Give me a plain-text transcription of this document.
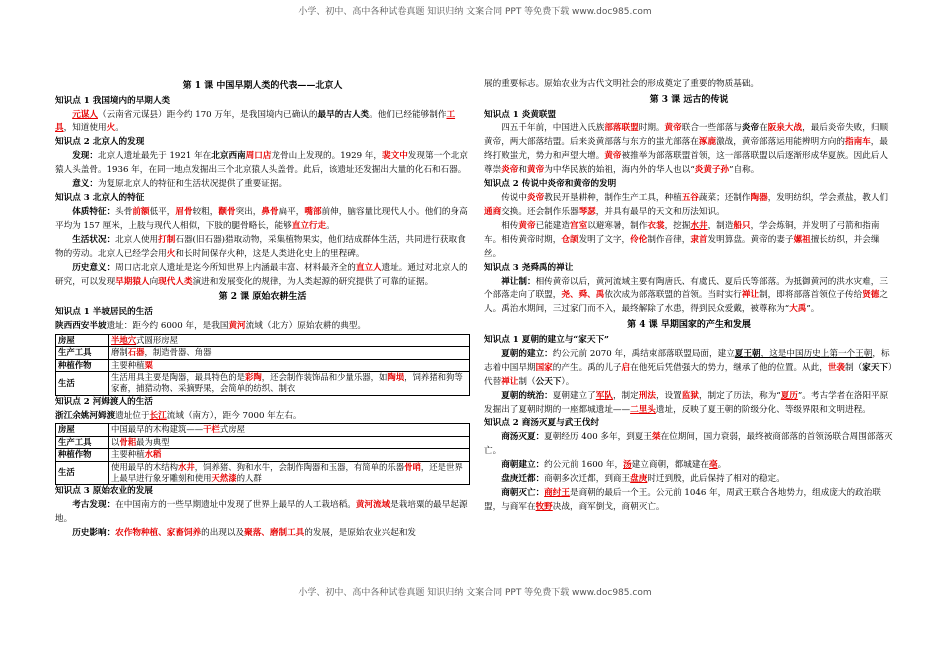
小学、初中、高中各种试卷真题 知识归纳 文案合同 PPT 等免费下载 www.doc985.com

第 1 课 中国早期人类的代表——北京人

知识点 1 我国境内的早期人类

元谋人（云南省元谋县）距今约 170 万年，是我国境内已确认的最早的古人类。他们已经能够制作工具，知道使用火。

知识点 2 北京人的发现

发现：北京人遗址最先于 1921 年在北京西南周口店龙骨山上发现的。1929 年，裴文中发现第一个北京猿人头盖骨。1936 年，在同一地点发掘出三个北京猿人头盖骨。此后，该遗址还发掘出大量的化石和石器。

意义：为复原北京人的特征和生活状况提供了重要证据。

知识点 3 北京人的特征

体质特征：头骨前额低平，眉骨较粗，颧骨突出，鼻骨扁平，嘴部前伸，脑容量比现代人小。他们的身高平均为 157 厘米，上肢与现代人相似，下肢的腿骨略长，能够直立行走。

生活状况：北京人使用打制石器(旧石器)猎取动物，采集植物果实，他们结成群体生活，共同进行获取食物的劳动。北京人已经学会用火和长时间保存火种，这是人类进化史上的里程碑。

历史意义：周口店北京人遗址是迄今所知世界上内涵最丰富、材料最齐全的直立人遗址。通过对北京人的研究，可以发现早期猿人向现代人类演进和发展变化的规律，为人类起源的研究提供了可靠的证据。

第 2 课 原始农耕生活

知识点 1 半坡居民的生活

陕西西安半坡遗址：距今约 6000 年，是我国黄河流域（北方）原始农耕的典型。

房屋	半地穴式圆形房屋
生产工具	磨制石器，制造骨器、角器
种植作物	主要种植粟
生活	生活用具主要是陶器，最具特色的是彩陶，还会制作装饰品和少量乐器，如陶埙，饲养猪和狗等家畜，捕猎动物、采摘野果，会简单的纺织、制衣

知识点 2 河姆渡人的生活

浙江余姚河姆渡遗址位于长江流域（南方），距今 7000 年左右。

房屋	中国最早的木构建筑——干栏式房屋
生产工具	以骨耜最为典型
种植作物	主要种植水稻
生活	使用最早的木结构水井，饲养猪、狗和水牛，会制作陶器和玉器，有简单的乐器骨哨，还是世界上最早进行象牙雕刻和使用天然漆的人群

知识点 3 原始农业的发展

考古发现：在中国南方的一些早期遗址中发现了世界上最早的人工栽培稻。黄河流域是栽培粟的最早起源地。

历史影响：农作物种植、家畜饲养的出现以及聚落、磨制工具的发展，是原始农业兴起和发

展的重要标志。原始农业为古代文明社会的形成奠定了重要的物质基础。

第 3 课 远古的传说

知识点 1 炎黄联盟

四五千年前，中国进入氏族部落联盟时期。黄帝联合一些部落与炎帝在阪泉大战，最后炎帝失败，归顺黄帝，两大部落结盟。后来炎黄部落与东方的蚩尤部落在涿鹿激战，黄帝部落运用能辨明方向的指南车，最终打败蚩尤，势力和声望大增。黄帝被推举为部落联盟首领，这一部落联盟以后逐渐形成华夏族。因此后人尊崇炎帝和黄帝为中华民族的始祖，海内外的华人也以“炎黄子孙”自称。

知识点 2 传说中炎帝和黄帝的发明

传说中炎帝教民开垦耕种，制作生产工具，种植五谷蔬菜；还制作陶器，发明纺织，学会煮盐，教人们通商交换。还会制作乐器琴瑟，并具有最早的天文和历法知识。

相传黄帝已能建造宫室以避寒暑，制作衣裳，挖掘水井，制造船只，学会炼铜，并发明了弓箭和指南车。相传黄帝时期，仓颉发明了文字，伶伦制作音律，隶首发明算盘。黄帝的妻子嫘祖擅长纺织，并会缫丝。

知识点 3 尧舜禹的禅让

禅让制：相传黄帝以后，黄河流域主要有陶唐氏、有虞氏、夏后氏等部落。为抵御黄河的洪水灾难，三个部落走向了联盟，尧、舜、禹依次成为部落联盟的首领。当时实行禅让制，即将部落首领位子传给贤德之人。禹治水期间，三过家门而不入，最终解除了水患，得到民众爱戴，被尊称为“大禹”。

第 4 课 早期国家的产生和发展

知识点 1 夏朝的建立与“家天下”

夏朝的建立：约公元前 2070 年，禹结束部落联盟局面，建立夏王朝，这是中国历史上第一个王朝，标志着中国早期国家的产生。禹的儿子启在他死后凭借强大的势力，继承了他的位置。从此，世袭制（家天下）代替禅让制（公天下）。

夏朝的统治：夏朝建立了军队，制定刑法，设置监狱，制定了历法，称为“夏历”。考古学者在洛阳平原发掘出了夏朝时期的一座都城遗址——二里头遗址，反映了夏王朝的阶级分化、等级界限和文明进程。

知识点 2 商汤灭夏与武王伐纣

商汤灭夏：夏朝经历 400 多年，到夏王桀在位期间，国力衰弱，最终被商部落的首领汤联合周围部落灭亡。

商朝建立：约公元前 1600 年，汤建立商朝，都城建在亳。

盘庚迁都：商朝多次迁都，到商王盘庚时迁到殷，此后保持了相对的稳定。

商朝灭亡：商纣王是商朝的最后一个王。公元前 1046 年，周武王联合各地势力，组成庞大的政治联盟，与商军在牧野决战，商军倒戈，商朝灭亡。

小学、初中、高中各种试卷真题 知识归纳 文案合同 PPT 等免费下载 www.doc985.com
